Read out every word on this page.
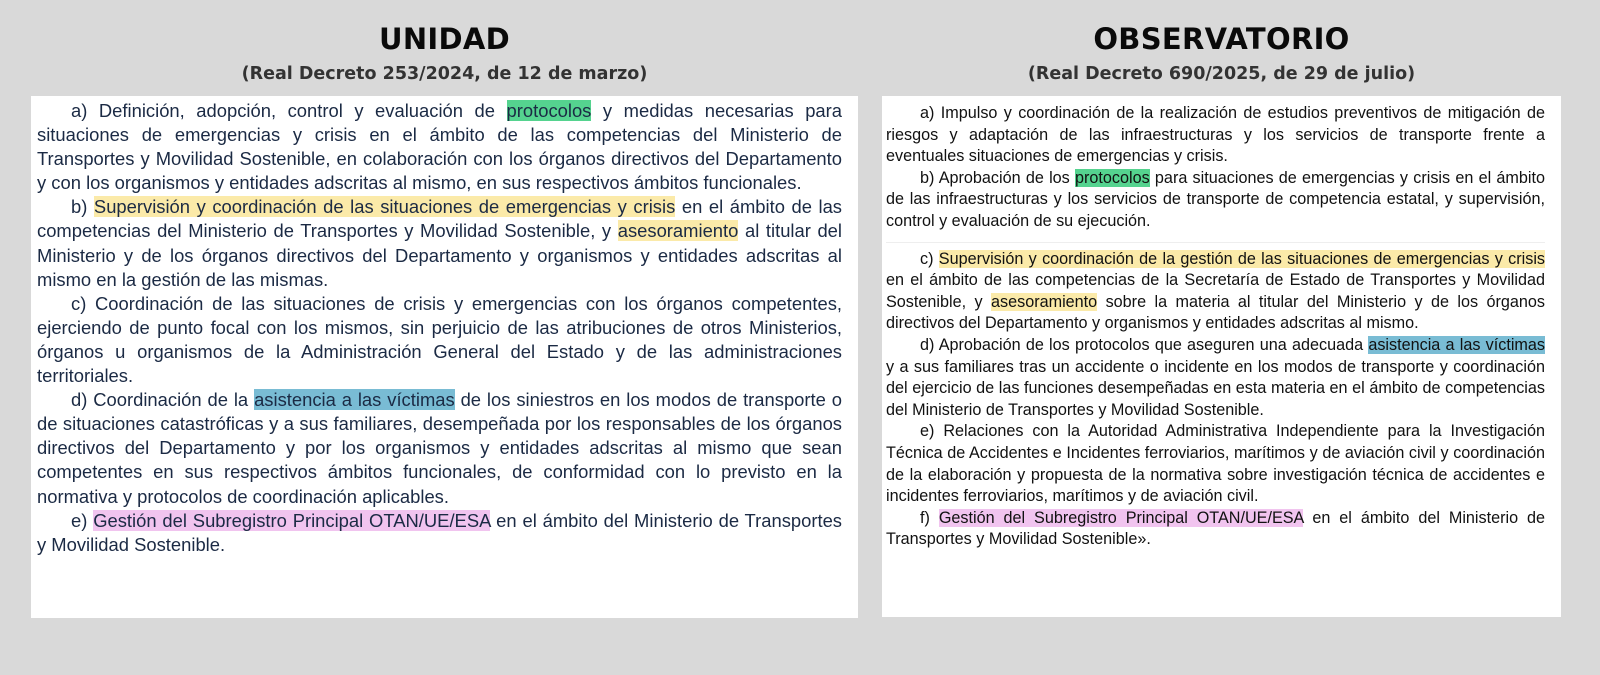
UNIDAD
(Real Decreto 253/2024, de 12 de marzo)
OBSERVATORIO
(Real Decreto 690/2025, de 29 de julio)

a) Definición, adopción, control y evaluación de protocolos y medidas necesarias para situaciones de emergencias y crisis en el ámbito de las competencias del Ministerio de Transportes y Movilidad Sostenible, en colaboración con los órganos directivos del Departamento y con los organismos y entidades adscritas al mismo, en sus respectivos ámbitos funcionales.

b) Supervisión y coordinación de las situaciones de emergencias y crisis en el ámbito de las competencias del Ministerio de Transportes y Movilidad Sostenible, y asesoramiento al titular del Ministerio y de los órganos directivos del Departamento y organismos y entidades adscritas al mismo en la gestión de las mismas.

c) Coordinación de las situaciones de crisis y emergencias con los órganos competentes, ejerciendo de punto focal con los mismos, sin perjuicio de las atribuciones de otros Ministerios, órganos u organismos de la Administración General del Estado y de las administraciones territoriales.

d) Coordinación de la asistencia a las víctimas de los siniestros en los modos de transporte o de situaciones catastróficas y a sus familiares, desempeñada por los responsables de los órganos directivos del Departamento y por los organismos y entidades adscritas al mismo que sean competentes en sus respectivos ámbitos funcionales, de conformidad con lo previsto en la normativa y protocolos de coordinación aplicables.

e) Gestión del Subregistro Principal OTAN/UE/ESA en el ámbito del Ministerio de Transportes y Movilidad Sostenible.

a) Impulso y coordinación de la realización de estudios preventivos de mitigación de riesgos y adaptación de las infraestructuras y los servicios de transporte frente a eventuales situaciones de emergencias y crisis.

b) Aprobación de los protocolos para situaciones de emergencias y crisis en el ámbito de las infraestructuras y los servicios de transporte de competencia estatal, y supervisión, control y evaluación de su ejecución.

c) Supervisión y coordinación de la gestión de las situaciones de emergencias y crisis en el ámbito de las competencias de la Secretaría de Estado de Transportes y Movilidad Sostenible, y asesoramiento sobre la materia al titular del Ministerio y de los órganos directivos del Departamento y organismos y entidades adscritas al mismo.

d) Aprobación de los protocolos que aseguren una adecuada asistencia a las víctimas y a sus familiares tras un accidente o incidente en los modos de transporte y coordinación del ejercicio de las funciones desempeñadas en esta materia en el ámbito de competencias del Ministerio de Transportes y Movilidad Sostenible.

e) Relaciones con la Autoridad Administrativa Independiente para la Investigación Técnica de Accidentes e Incidentes ferroviarios, marítimos y de aviación civil y coordinación de la elaboración y propuesta de la normativa sobre investigación técnica de accidentes e incidentes ferroviarios, marítimos y de aviación civil.

f) Gestión del Subregistro Principal OTAN/UE/ESA en el ámbito del Ministerio de Transportes y Movilidad Sostenible».
